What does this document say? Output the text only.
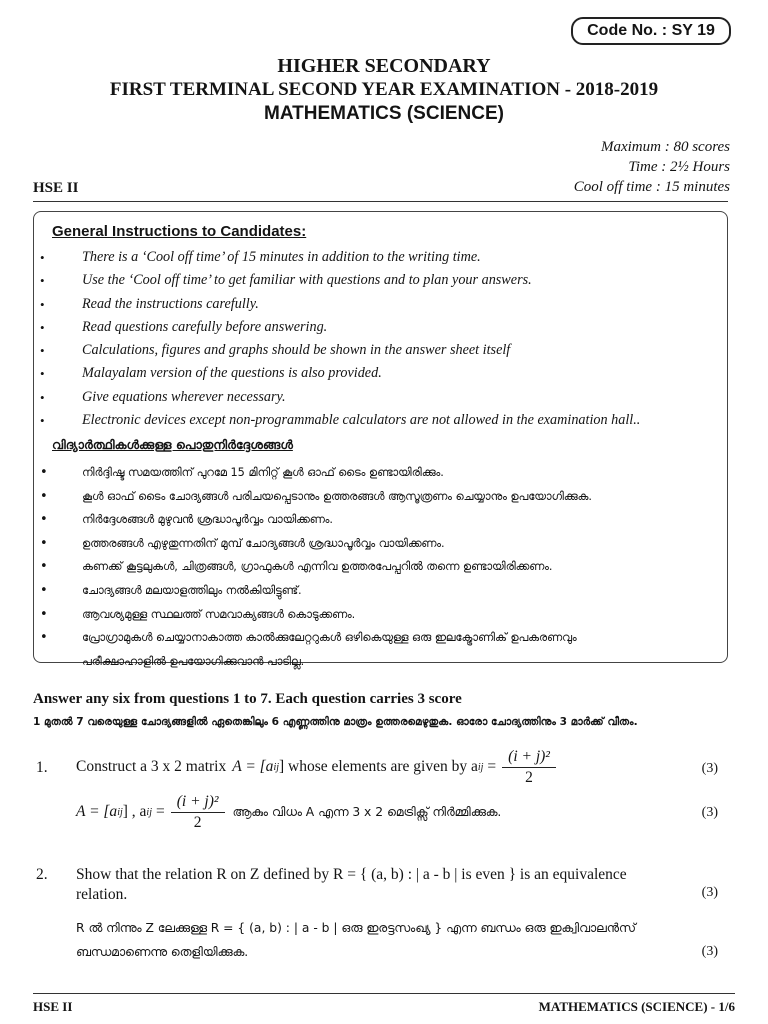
Code No. : SY 19
HIGHER SECONDARY
FIRST TERMINAL SECOND YEAR EXAMINATION - 2018-2019
MATHEMATICS (SCIENCE)
Maximum : 80 scores
Time : 2½ Hours
Cool off time : 15 minutes
HSE II
General Instructions to Candidates:
• There is a ‘Cool off time’ of 15 minutes in addition to the writing time.
• Use the ‘Cool off time’ to get familiar with questions and to plan your answers.
• Read the instructions carefully.
• Read questions carefully before answering.
• Calculations, figures and graphs should be shown in the answer sheet itself
• Malayalam version of the questions is also provided.
• Give equations wherever necessary.
• Electronic devices except non-programmable calculators are not allowed in the examination hall..
വിദ്യാർത്ഥികൾക്കുള്ള പൊതുനിർദ്ദേശങ്ങൾ
• നിർദ്ദിഷ്ട സമയത്തിന് പുറമേ 15 മിനിറ്റ് കൂൾ ഓഫ് ടൈം ഉണ്ടായിരിക്കും.
• കൂൾ ഓഫ് ടൈം ചോദ്യങ്ങൾ പരിചയപ്പെടാനും ഉത്തരങ്ങൾ ആസൂത്രണം ചെയ്യാനും ഉപയോഗിക്കുക.
• നിർദ്ദേശങ്ങൾ മുഴുവൻ ശ്രദ്ധാപൂർവ്വം വായിക്കണം.
• ഉത്തരങ്ങൾ എഴുതുന്നതിന് മുമ്പ് ചോദ്യങ്ങൾ ശ്രദ്ധാപൂർവ്വം വായിക്കണം.
• കണക്ക് കൂട്ടലുകൾ, ചിത്രങ്ങൾ, ഗ്രാഫുകൾ എന്നിവ ഉത്തരപേപ്പറിൽ തന്നെ ഉണ്ടായിരിക്കണം.
• ചോദ്യങ്ങൾ മലയാളത്തിലും നൽകിയിട്ടുണ്ട്.
• ആവശ്യമുള്ള സ്ഥലത്ത് സമവാക്യങ്ങൾ കൊടുക്കണം.
• പ്രോഗ്രാമുകൾ ചെയ്യാനാകാത്ത കാൽക്കുലേറ്ററുകൾ ഒഴികെയുള്ള ഒരു ഇലക്ട്രോണിക് ഉപകരണവും
പരീക്ഷാഹാളിൽ ഉപയോഗിക്കുവാൻ പാടില്ല.
Answer any six from questions 1 to 7. Each question carries 3 score
1 മുതൽ 7 വരെയുള്ള ചോദ്യങ്ങളിൽ ഏതെങ്കിലും 6 എണ്ണത്തിനു മാത്രം ഉത്തരമെഴുതുക. ഓരോ ചോദ്യത്തിനും 3 മാർക്ക് വീതം.
1. Construct a 3 x 2 matrix A = [a ij ] whose elements are given by a ij = $\frac{\text{(i + j)²}}{2}$	(3)
A = [a ij ] , a ij = $\frac{\text{(i + j)²}}{2}$ ആകും വിധം A എന്ന 3 x 2 മെട്രിക്സ് നിർമ്മിക്കുക.	(3)
2. Show that the relation R on Z defined by R = { (a, b) : | a - b | is even } is an equivalence
relation.	(3)
R ൽ നിന്നും Z ലേക്കുള്ള R = { (a, b) : | a - b | ഒരു ഇരട്ടസംഖ്യ } എന്ന ബന്ധം ഒരു ഇക്വിവാലൻസ്
ബന്ധമാണെന്നു തെളിയിക്കുക.	(3)
HSE II	MATHEMATICS (SCIENCE) - 1/6
